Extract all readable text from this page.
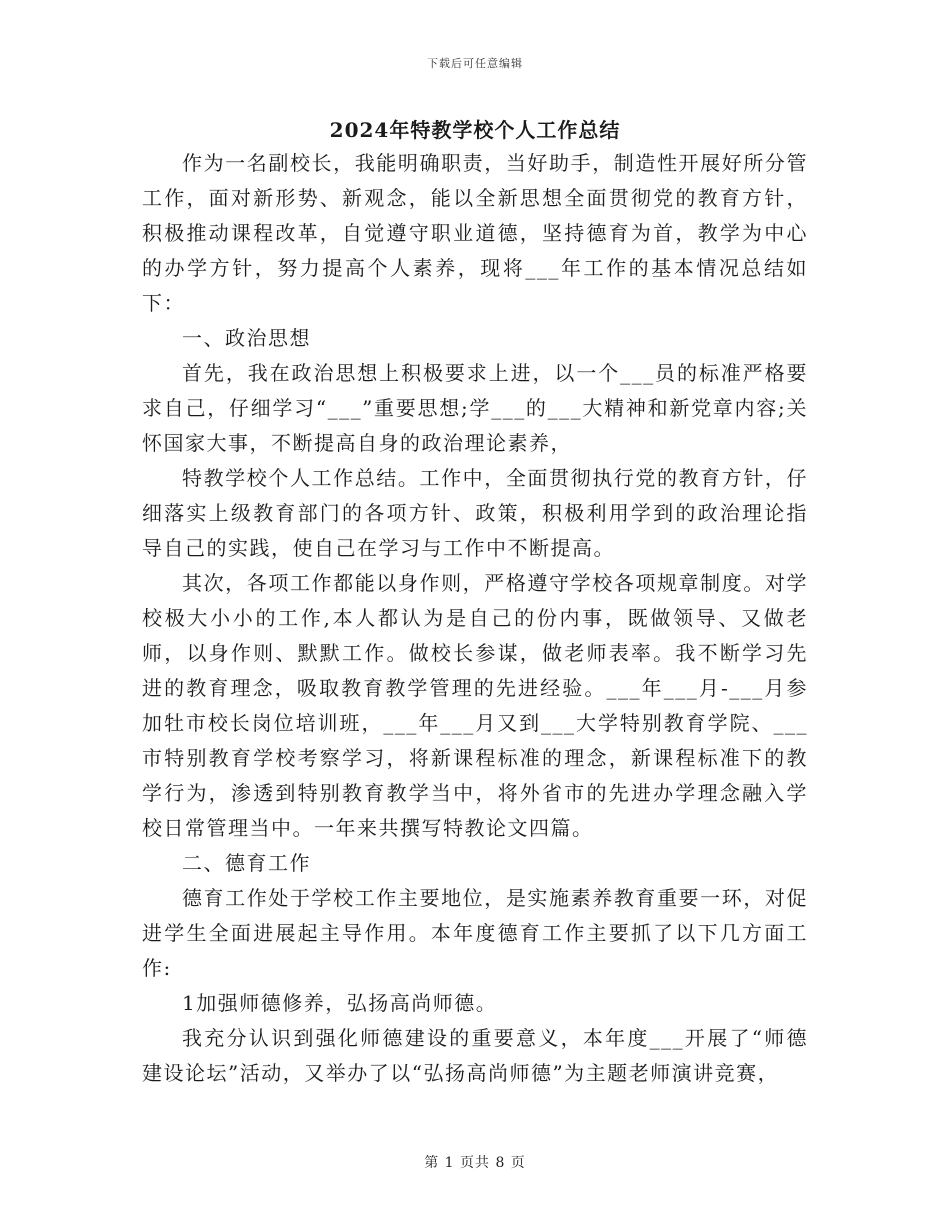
下载后可任意编辑
2024年特教学校个人工作总结

作为一名副校长，我能明确职责，当好助手，制造性开展好所分管工作，面对新形势、新观念，能以全新思想全面贯彻党的教育方针，积极推动课程改革，自觉遵守职业道德，坚持德育为首，教学为中心的办学方针，努力提高个人素养，现将___年工作的基本情况总结如下：

一、政治思想

首先，我在政治思想上积极要求上进，以一个___员的标准严格要求自己，仔细学习“___”重要思想;学___的___大精神和新党章内容;关怀国家大事，不断提高自身的政治理论素养，

特教学校个人工作总结。工作中，全面贯彻执行党的教育方针，仔细落实上级教育部门的各项方针、政策，积极利用学到的政治理论指导自己的实践，使自己在学习与工作中不断提高。

其次，各项工作都能以身作则，严格遵守学校各项规章制度。对学校极大小小的工作,本人都认为是自己的份内事，既做领导、又做老师，以身作则、默默工作。做校长参谋，做老师表率。我不断学习先进的教育理念，吸取教育教学管理的先进经验。___年___月-___月参加牡市校长岗位培训班，___年___月又到___大学特别教育学院、___市特别教育学校考察学习，将新课程标准的理念，新课程标准下的教学行为，渗透到特别教育教学当中，将外省市的先进办学理念融入学校日常管理当中。一年来共撰写特教论文四篇。

二、德育工作

德育工作处于学校工作主要地位，是实施素养教育重要一环，对促进学生全面进展起主导作用。本年度德育工作主要抓了以下几方面工作:

1加强师德修养，弘扬高尚师德。

我充分认识到强化师德建设的重要意义，本年度___开展了“师德建设论坛”活动，又举办了以“弘扬高尚师德”为主题老师演讲竞赛，

第 1 页共 8 页
